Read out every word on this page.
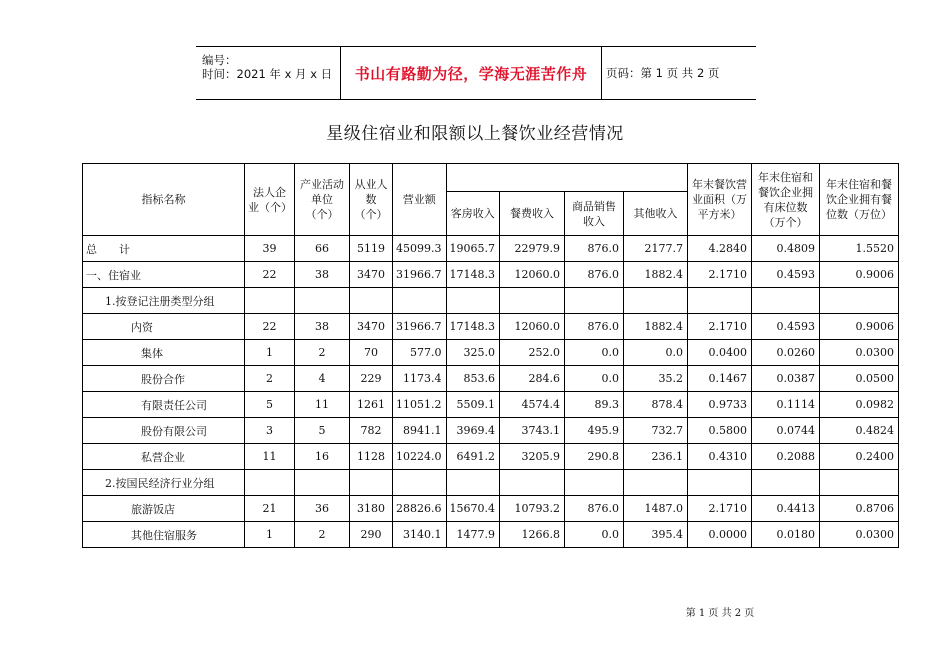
编号：
时间：2021 年 x 月 x 日 书山有路勤为径，学海无涯苦作舟 页码：第 1 页 共 2 页
星级住宿业和限额以上餐饮业经营情况
指标名称	法人企业（个）	产业活动单位（个）	从业人数（个）	营业额					年末餐饮营业面积（万平方米）	年末住宿和餐饮企业拥有床位数（万个）	年末住宿和餐饮企业拥有餐位数（万位）
					客房收入	餐费收入	商品销售收入	其他收入			
总　　计	39	66	5119	45099.3	19065.7	22979.9	876.0	2177.7	4.2840	0.4809	1.5520
一、住宿业	22	38	3470	31966.7	17148.3	12060.0	876.0	1882.4	2.1710	0.4593	0.9006
1.按登记注册类型分组											
内资	22	38	3470	31966.7	17148.3	12060.0	876.0	1882.4	2.1710	0.4593	0.9006
集体	1	2	70	577.0	325.0	252.0	0.0	0.0	0.0400	0.0260	0.0300
股份合作	2	4	229	1173.4	853.6	284.6	0.0	35.2	0.1467	0.0387	0.0500
有限责任公司	5	11	1261	11051.2	5509.1	4574.4	89.3	878.4	0.9733	0.1114	0.0982
股份有限公司	3	5	782	8941.1	3969.4	3743.1	495.9	732.7	0.5800	0.0744	0.4824
私营企业	11	16	1128	10224.0	6491.2	3205.9	290.8	236.1	0.4310	0.2088	0.2400
2.按国民经济行业分组											
旅游饭店	21	36	3180	28826.6	15670.4	10793.2	876.0	1487.0	2.1710	0.4413	0.8706
其他住宿服务	1	2	290	3140.1	1477.9	1266.8	0.0	395.4	0.0000	0.0180	0.0300
第 1 页 共 2 页
